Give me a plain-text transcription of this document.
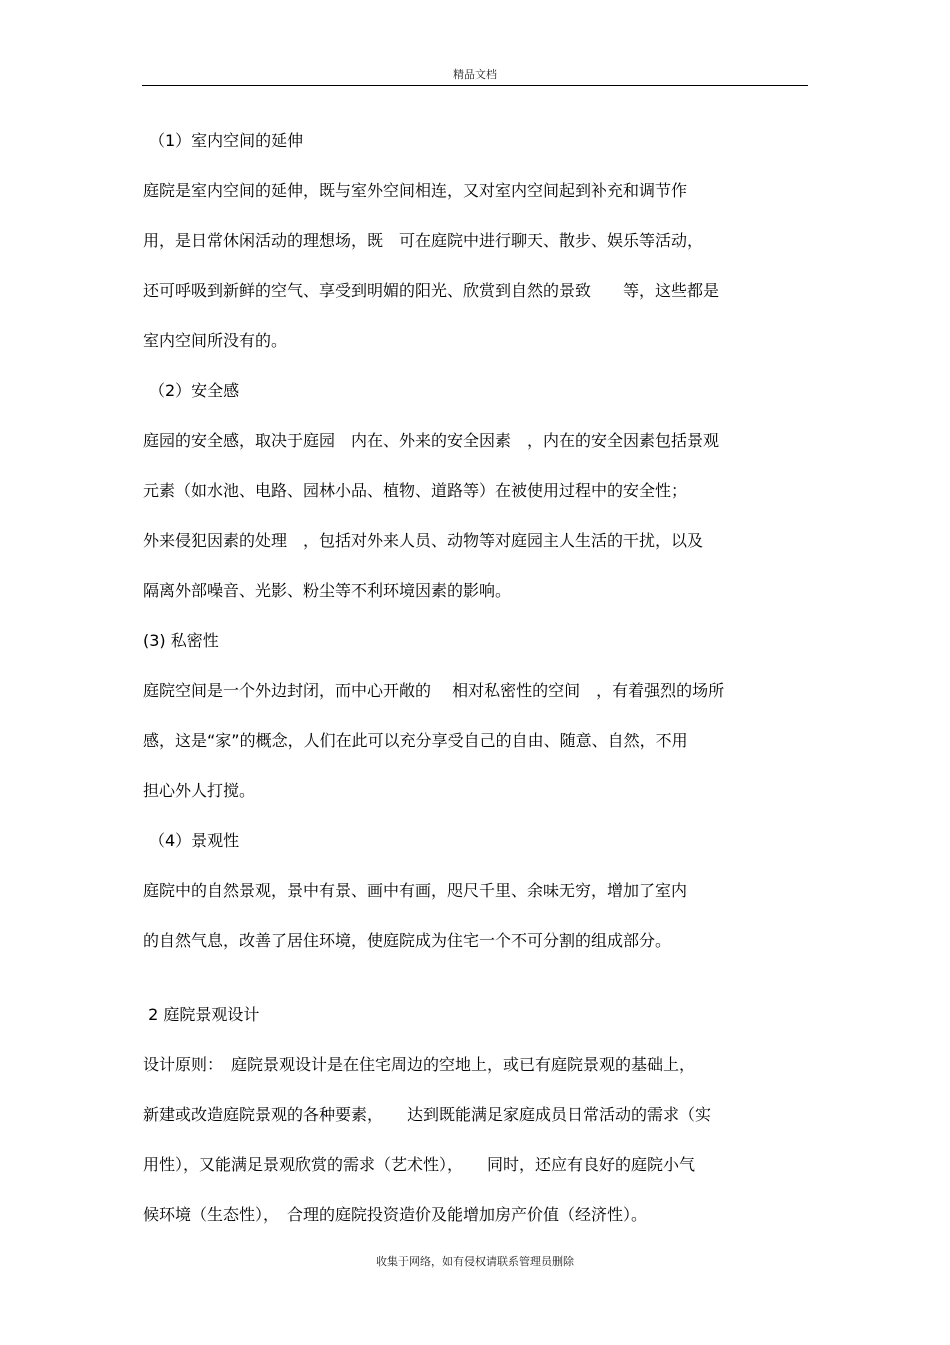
精品文档
（1）室内空间的延伸
庭院是室内空间的延伸，既与室外空间相连，又对室内空间起到补充和调节作
用，是日常休闲活动的理想场，既　可在庭院中进行聊天、散步、娱乐等活动，
还可呼吸到新鲜的空气、享受到明媚的阳光、欣赏到自然的景致　　等，这些都是
室内空间所没有的。
（2）安全感
庭园的安全感，取决于庭园　内在、外来的安全因素　，内在的安全因素包括景观
元素（如水池、电路、园林小品、植物、道路等）在被使用过程中的安全性；
外来侵犯因素的处理　，包括对外来人员、动物等对庭园主人生活的干扰，以及
隔离外部噪音、光影、粉尘等不利环境因素的影响。
(3) 私密性
庭院空间是一个外边封闭，而中心开敞的　 相对私密性的空间　，有着强烈的场所
感，这是“家”的概念，人们在此可以充分享受自己的自由、随意、自然，不用
担心外人打搅。
（4）景观性
庭院中的自然景观，景中有景、画中有画，咫尺千里、余味无穷，增加了室内
的自然气息，改善了居住环境，使庭院成为住宅一个不可分割的组成部分。
2 庭院景观设计
设计原则：　庭院景观设计是在住宅周边的空地上，或已有庭院景观的基础上，
新建或改造庭院景观的各种要素，　　达到既能满足家庭成员日常活动的需求（实
用性），又能满足景观欣赏的需求（艺术性），　　同时，还应有良好的庭院小气
候环境（生态性），　合理的庭院投资造价及能增加房产价值（经济性）。
收集于网络，如有侵权请联系管理员删除
